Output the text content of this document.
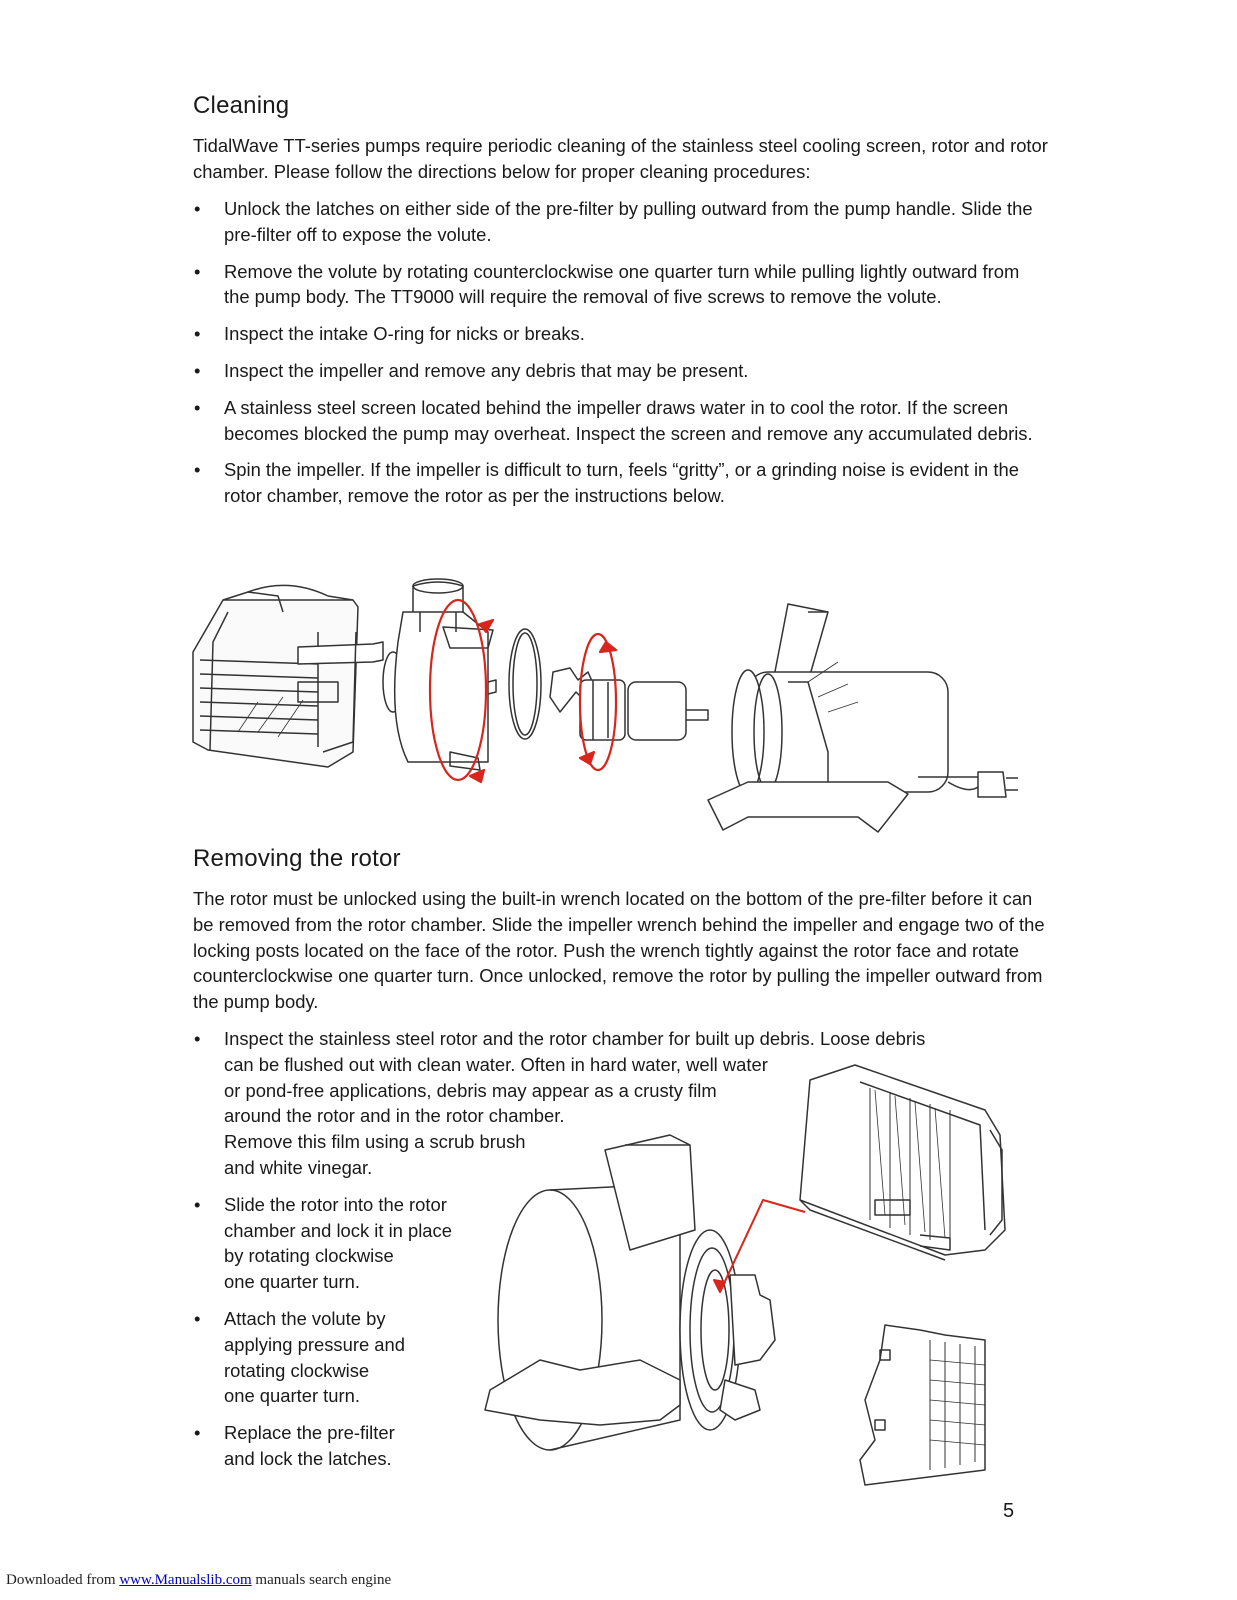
Cleaning

TidalWave TT-series pumps require periodic cleaning of the stainless steel cooling screen, rotor and rotor chamber. Please follow the directions below for proper cleaning procedures:

• Unlock the latches on either side of the pre-filter by pulling outward from the pump handle. Slide the pre-filter off to expose the volute.
• Remove the volute by rotating counterclockwise one quarter turn while pulling lightly outward from the pump body. The TT9000 will require the removal of five screws to remove the volute.
• Inspect the intake O-ring for nicks or breaks.
• Inspect the impeller and remove any debris that may be present.
• A stainless steel screen located behind the impeller draws water in to cool the rotor. If the screen becomes blocked the pump may overheat. Inspect the screen and remove any accumulated debris.
• Spin the impeller. If the impeller is difficult to turn, feels “gritty”, or a grinding noise is evident in the rotor chamber, remove the rotor as per the instructions below.
Removing the rotor

The rotor must be unlocked using the built-in wrench located on the bottom of the pre-filter before it can be removed from the rotor chamber. Slide the impeller wrench behind the impeller and engage two of the locking posts located on the face of the rotor. Push the wrench tightly against the rotor face and rotate counterclockwise one quarter turn. Once unlocked, remove the rotor by pulling the impeller outward from the pump body.

• Inspect the stainless steel rotor and the rotor chamber for built up debris. Loose debris
can be flushed out with clean water. Often in hard water, well water
or pond-free applications, debris may appear as a crusty film
around the rotor and in the rotor chamber.
Remove this film using a scrub brush
and white vinegar.
• Slide the rotor into the rotor
chamber and lock it in place
by rotating clockwise
one quarter turn.
• Attach the volute by
applying pressure and
rotating clockwise
one quarter turn.
• Replace the pre-filter
and lock the latches.
5
Downloaded from www.Manualslib.com manuals search engine
